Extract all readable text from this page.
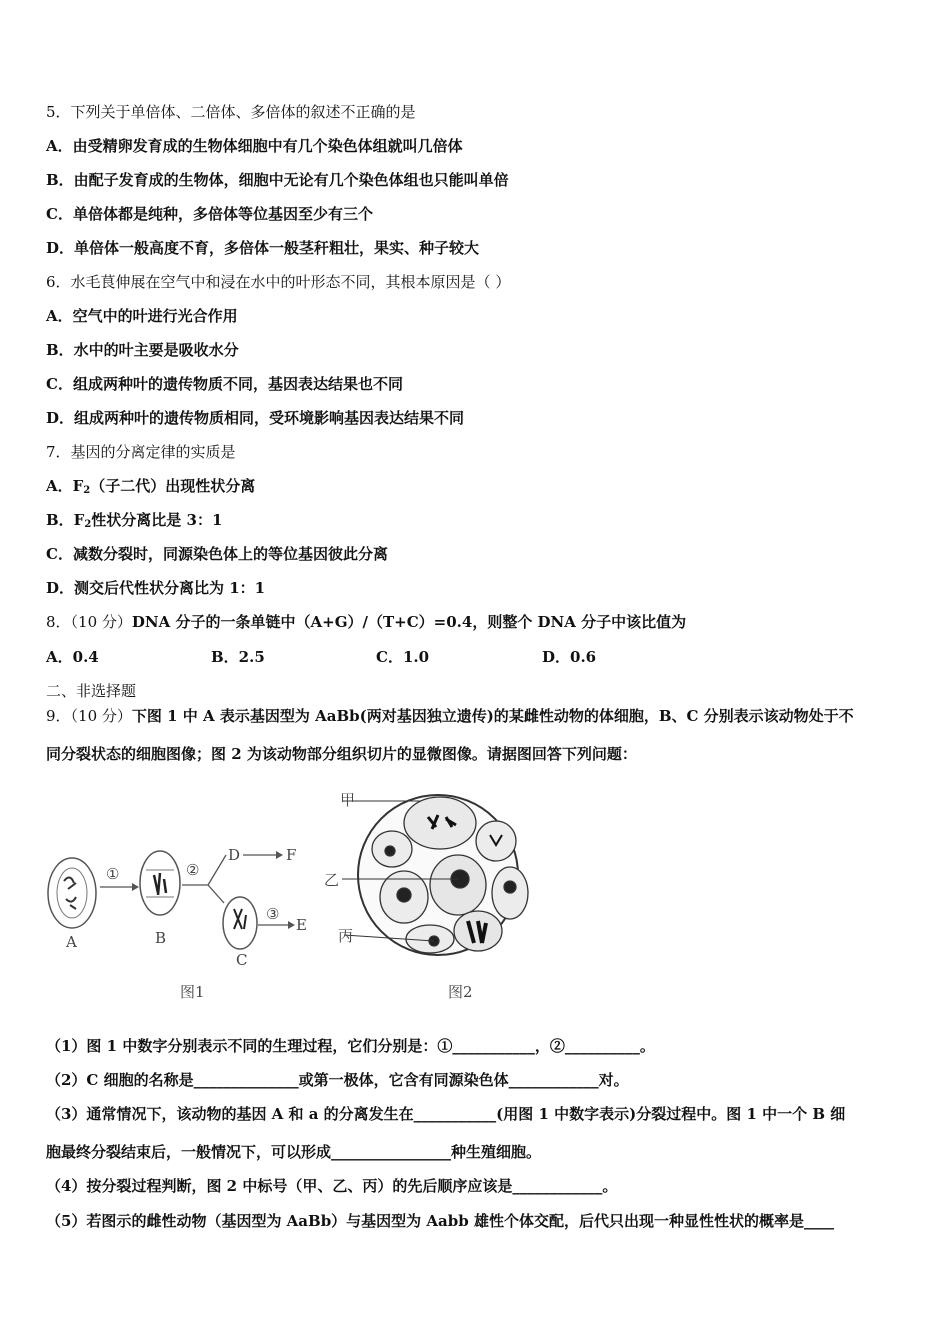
5．下列关于单倍体、二倍体、多倍体的叙述不正确的是
A．由受精卵发育成的生物体细胞中有几个染色体组就叫几倍体
B．由配子发育成的生物体，细胞中无论有几个染色体组也只能叫单倍
C．单倍体都是纯种，多倍体等位基因至少有三个
D．单倍体一般高度不育，多倍体一般茎秆粗壮，果实、种子较大
6．水毛茛伸展在空气中和浸在水中的叶形态不同，其根本原因是（ ）
A．空气中的叶进行光合作用
B．水中的叶主要是吸收水分
C．组成两种叶的遗传物质不同，基因表达结果也不同
D．组成两种叶的遗传物质相同，受环境影响基因表达结果不同
7．基因的分离定律的实质是
A．$F_2$（子二代）出现性状分离
B．$F_2$性状分离比是 3：1
C．减数分裂时，同源染色体上的等位基因彼此分离
D．测交后代性状分离比为 1：1
8．（10 分）DNA 分子的一条单链中（A+G）/（T+C）=0.4，则整个 DNA 分子中该比值为
A．0.4	B．2.5	C．1.0	D．0.6
二、非选择题
9．（10 分）下图 1 中 A 表示基因型为 AaBb(两对基因独立遗传)的某雌性动物的体细胞，B、C 分别表示该动物处于不
同分裂状态的细胞图像；图 2 为该动物部分组织切片的显微图像。请据图回答下列问题：
A
①
B
②
D	F
C
③
E
图1
甲
乙
丙
图2
（1）图 1 中数字分别表示不同的生理过程，它们分别是：①___________，②__________。
（2）C 细胞的名称是______________或第一极体，它含有同源染色体____________对。
（3）通常情况下，该动物的基因 A 和 a 的分离发生在___________(用图 1 中数字表示)分裂过程中。图 1 中一个 B 细
胞最终分裂结束后，一般情况下，可以形成________________种生殖细胞。
（4）按分裂过程判断，图 2 中标号（甲、乙、丙）的先后顺序应该是____________。
（5）若图示的雌性动物（基因型为 AaBb）与基因型为 Aabb 雄性个体交配，后代只出现一种显性性状的概率是____
